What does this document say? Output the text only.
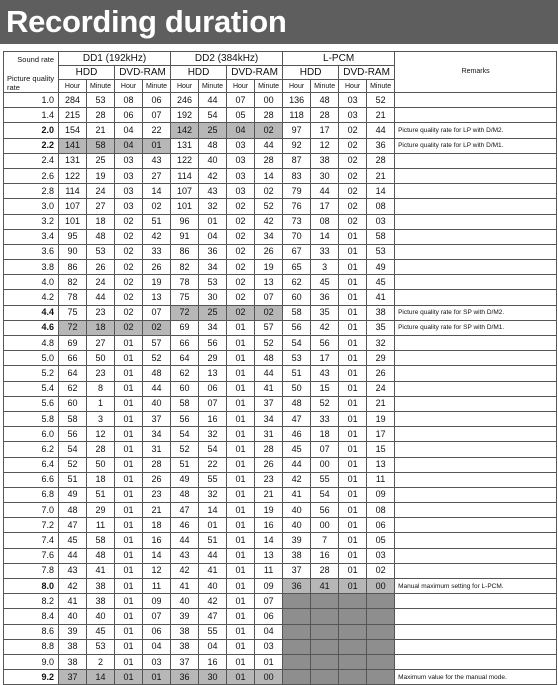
Recording duration
Sound rate
Picture quality rate	DD1 (192kHz)				DD2 (384kHz)				L-PCM				Remarks
	HDD		DVD-RAM		HDD		DVD-RAM		HDD		DVD-RAM		
	Hour	Minute	Hour	Minute	Hour	Minute	Hour	Minute	Hour	Minute	Hour	Minute	
1.0	284	53	08	06	246	44	07	00	136	48	03	52	
1.4	215	28	06	07	192	54	05	28	118	28	03	21	
2.0	154	21	04	22	142	25	04	02	97	17	02	44	Picture quality rate for LP with D/M2.
2.2	141	58	04	01	131	48	03	44	92	12	02	36	Picture quality rate for LP with D/M1.
2.4	131	25	03	43	122	40	03	28	87	38	02	28	
2.6	122	19	03	27	114	42	03	14	83	30	02	21	
2.8	114	24	03	14	107	43	03	02	79	44	02	14	
3.0	107	27	03	02	101	32	02	52	76	17	02	08	
3.2	101	18	02	51	96	01	02	42	73	08	02	03	
3.4	95	48	02	42	91	04	02	34	70	14	01	58	
3.6	90	53	02	33	86	36	02	26	67	33	01	53	
3.8	86	26	02	26	82	34	02	19	65	3	01	49	
4.0	82	24	02	19	78	53	02	13	62	45	01	45	
4.2	78	44	02	13	75	30	02	07	60	36	01	41	
4.4	75	23	02	07	72	25	02	02	58	35	01	38	Picture quality rate for SP with D/M2.
4.6	72	18	02	02	69	34	01	57	56	42	01	35	Picture quality rate for SP with D/M1.
4.8	69	27	01	57	66	56	01	52	54	56	01	32	
5.0	66	50	01	52	64	29	01	48	53	17	01	29	
5.2	64	23	01	48	62	13	01	44	51	43	01	26	
5.4	62	8	01	44	60	06	01	41	50	15	01	24	
5.6	60	1	01	40	58	07	01	37	48	52	01	21	
5.8	58	3	01	37	56	16	01	34	47	33	01	19	
6.0	56	12	01	34	54	32	01	31	46	18	01	17	
6.2	54	28	01	31	52	54	01	28	45	07	01	15	
6.4	52	50	01	28	51	22	01	26	44	00	01	13	
6.6	51	18	01	26	49	55	01	23	42	55	01	11	
6.8	49	51	01	23	48	32	01	21	41	54	01	09	
7.0	48	29	01	21	47	14	01	19	40	56	01	08	
7.2	47	11	01	18	46	01	01	16	40	00	01	06	
7.4	45	58	01	16	44	51	01	14	39	7	01	05	
7.6	44	48	01	14	43	44	01	13	38	16	01	03	
7.8	43	41	01	12	42	41	01	11	37	28	01	02	
8.0	42	38	01	11	41	40	01	09	36	41	01	00	Manual maximum setting for L-PCM.
8.2	41	38	01	09	40	42	01	07					
8.4	40	40	01	07	39	47	01	06					
8.6	39	45	01	06	38	55	01	04					
8.8	38	53	01	04	38	04	01	03					
9.0	38	2	01	03	37	16	01	01					
9.2	37	14	01	01	36	30	01	00					Maximum value for the manual mode.
